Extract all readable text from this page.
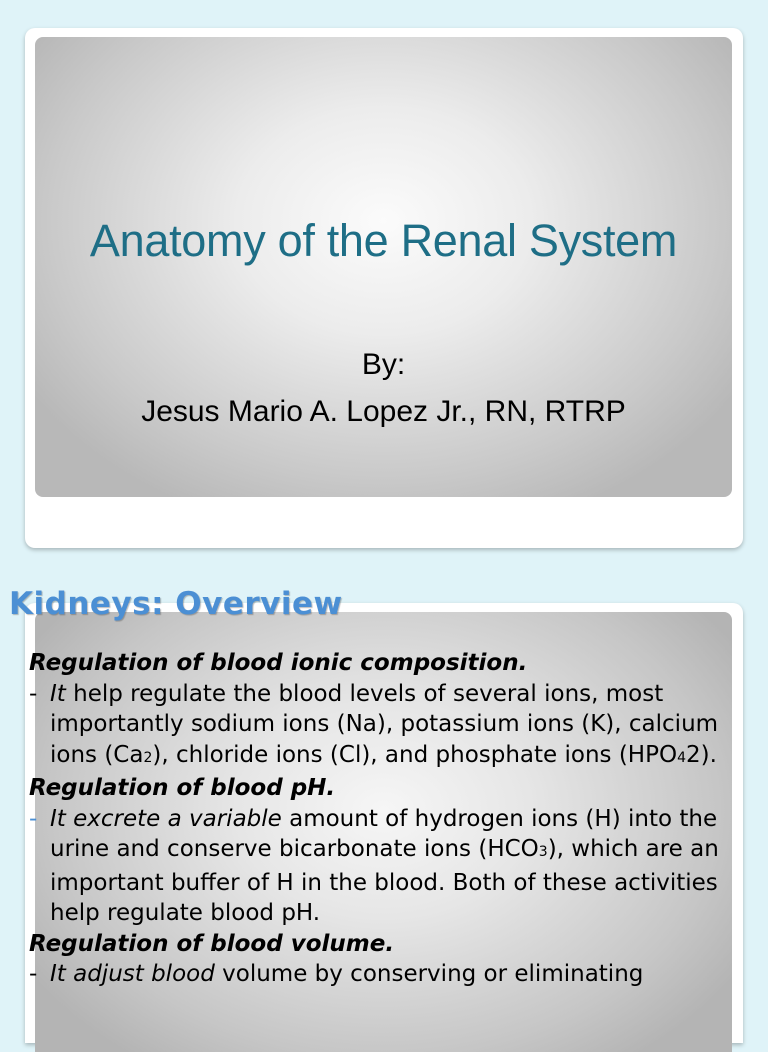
Anatomy of the Renal System
By:
Jesus Mario A. Lopez Jr., RN, RTRP
Kidneys: Overview
Regulation of blood ionic composition.
- It help regulate the blood levels of several ions, most importantly sodium ions (Na), potassium ions (K), calcium ions (Ca2), chloride ions (Cl), and phosphate ions (HPO42).
Regulation of blood pH.
- It excrete a variable amount of hydrogen ions (H) into the urine and conserve bicarbonate ions (HCO3), which are an important buffer of H in the blood. Both of these activities help regulate blood pH.
Regulation of blood volume.
- It adjust blood volume by conserving or eliminating
